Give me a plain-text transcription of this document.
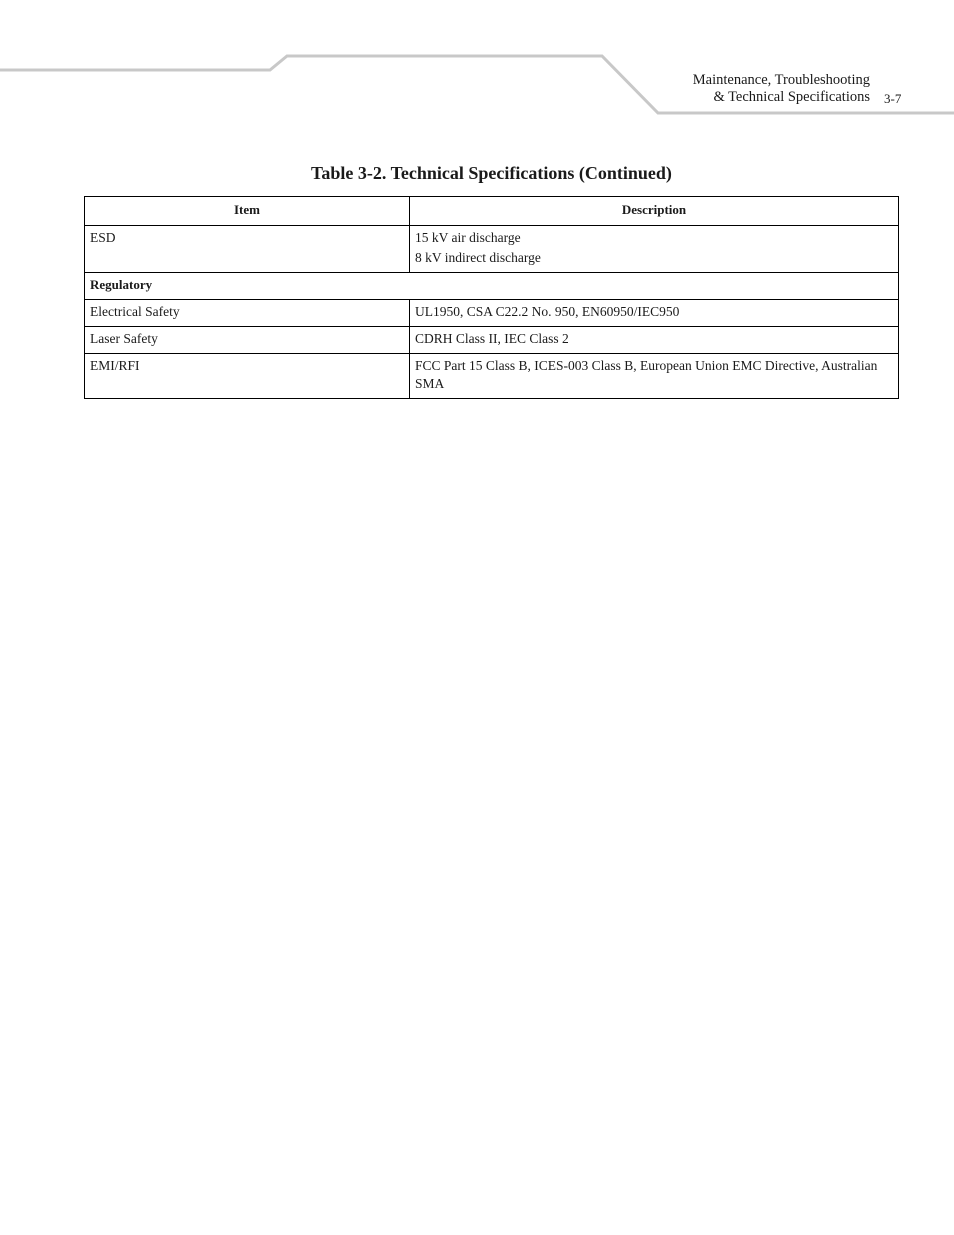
Maintenance, Troubleshooting
& Technical Specifications 3-7
Table 3-2. Technical Specifications (Continued)
Item	Description
ESD	15 kV air discharge
8 kV indirect discharge

Regulatory	
Electrical Safety	UL1950, CSA C22.2 No. 950, EN60950/IEC950
Laser Safety	CDRH Class II, IEC Class 2
EMI/RFI	FCC Part 15 Class B, ICES-003 Class B, European Union EMC Directive, Australian SMA
